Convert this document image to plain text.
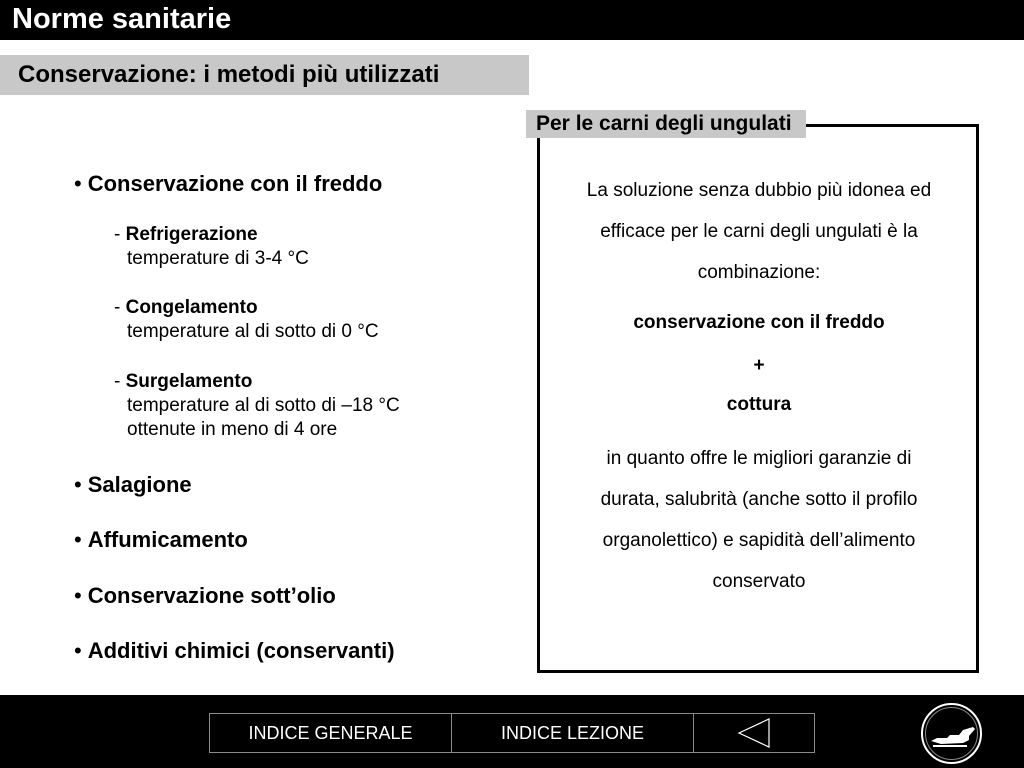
Norme sanitarie
Conservazione: i metodi più utilizzati
• Conservazione con il freddo
- Refrigerazione
temperature di 3-4 °C
- Congelamento
temperature al di sotto di 0 °C
- Surgelamento
temperature al di sotto di –18 °C
ottenute in meno di 4 ore
• Salagione
• Affumicamento
• Conservazione sott’olio
• Additivi chimici (conservanti)
Per le carni degli ungulati
La soluzione senza dubbio più idonea ed
efficace per le carni degli ungulati è la
combinazione:
conservazione con il freddo
+
cottura
in quanto offre le migliori garanzie di
durata, salubrità (anche sotto il profilo
organolettico) e sapidità dell’alimento
conservato
INDICE GENERALE	INDICE LEZIONE
